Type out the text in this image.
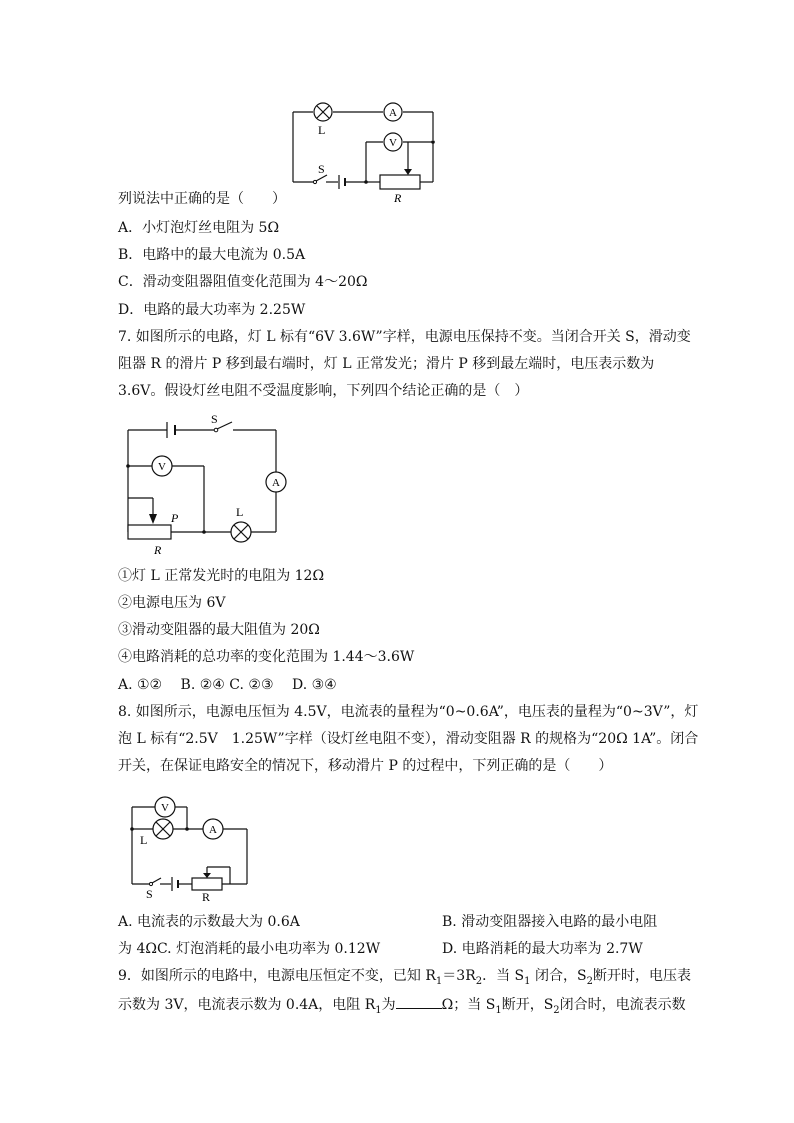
L
A
V
S
R
列说法中正确的是（　　）
A．小灯泡灯丝电阻为 5Ω
B．电路中的最大电流为 0.5A
C．滑动变阻器阻值变化范围为 4～20Ω
D．电路的最大功率为 2.25W
7. 如图所示的电路，灯 L 标有“6V 3.6W”字样，电源电压保持不变。当闭合开关 S，滑动变
阻器 R 的滑片 P 移到最右端时，灯 L 正常发光；滑片 P 移到最左端时，电压表示数为
3.6V。假设灯丝电阻不受温度影响，下列四个结论正确的是（　）
S
V
A
L
P
R
①灯 L 正常发光时的电阻为 12Ω
②电源电压为 6V
③滑动变阻器的最大阻值为 20Ω
④电路消耗的总功率的变化范围为 1.44～3.6W
A. ①②　 B. ②④ C. ②③　 D. ③④
8. 如图所示，电源电压恒为 4.5V，电流表的量程为“0~0.6A”，电压表的量程为“0~3V”，灯
泡 L 标有“2.5V　1.25W”字样（设灯丝电阻不变），滑动变阻器 R 的规格为“20Ω 1A”。闭合
开关，在保证电路安全的情况下，移动滑片 P 的过程中，下列正确的是（　　）
V
A
L
S	R
A. 电流表的示数最大为 0.6A	B. 滑动变阻器接入电路的最小电阻
为 4ΩC. 灯泡消耗的最小电功率为 0.12W	D. 电路消耗的最大功率为 2.7W
9．如图所示的电路中，电源电压恒定不变，已知 $R_1=3R_2$．当 $S_1$ 闭合，$S_2$断开时，电压表
示数为 3V，电流表示数为 0.4A，电阻 $R_1$为	Ω；当 $S_1$断开，$S_2$闭合时，电流表示数
